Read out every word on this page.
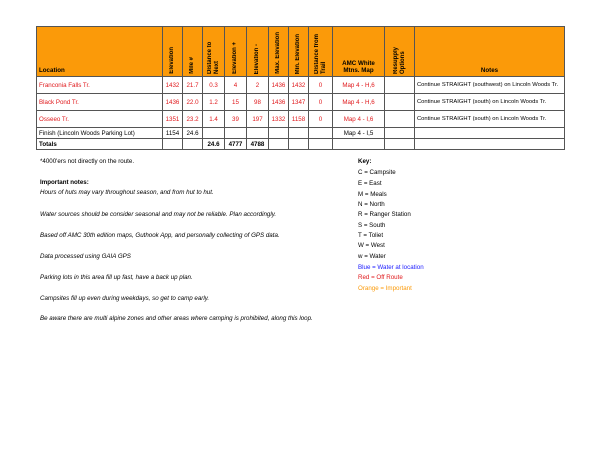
Location	Elevation	Mile #	Distance to Next	Elevation +	Elevation -	Max. Elevation	Min. Elevation	Distance from Trail	AMC White Mtns. Map	Resupply Options	Notes
Franconia Falls Tr.	1432	21.7	0.3	4	2	1436	1432	0	Map 4 - H,6		Continue STRAIGHT (southwest) on Lincoln Woods Tr.
Black Pond Tr.	1436	22.0	1.2	15	98	1436	1347	0	Map 4 - H,6		Continue STRAIGHT (south) on Lincoln Woods Tr.
Osseeo Tr.	1351	23.2	1.4	39	197	1332	1158	0	Map 4 - I,6		Continue STRAIGHT (south) on Lincoln Woods Tr.
Finish (Lincoln Woods Parking Lot)	1154	24.6							Map 4 - I,5		
Totals			24.6	4777	4788						

*4000'ers not directly on the route.

Important notes:

Hours of huts may vary throughout season, and from hut to hut.

Water sources should be consider seasonal and may not be reliable. Plan accordingly.

Based off AMC 30th edition maps, Guthook App, and personally collecting of GPS data.

Data processed using GAIA GPS

Parking lots in this area fill up fast, have a back up plan.

Campsites fill up even during weekdays, so get to camp early.

Be aware there are multi alpine zones and other areas where camping is prohibited, along this loop.

Key:

C = Campsite

E = East

M = Meals

N = North

R = Ranger Station

S = South

T = Toliet

W = West

w = Water

Blue = Water at location

Red = Off Route

Orange = Important
